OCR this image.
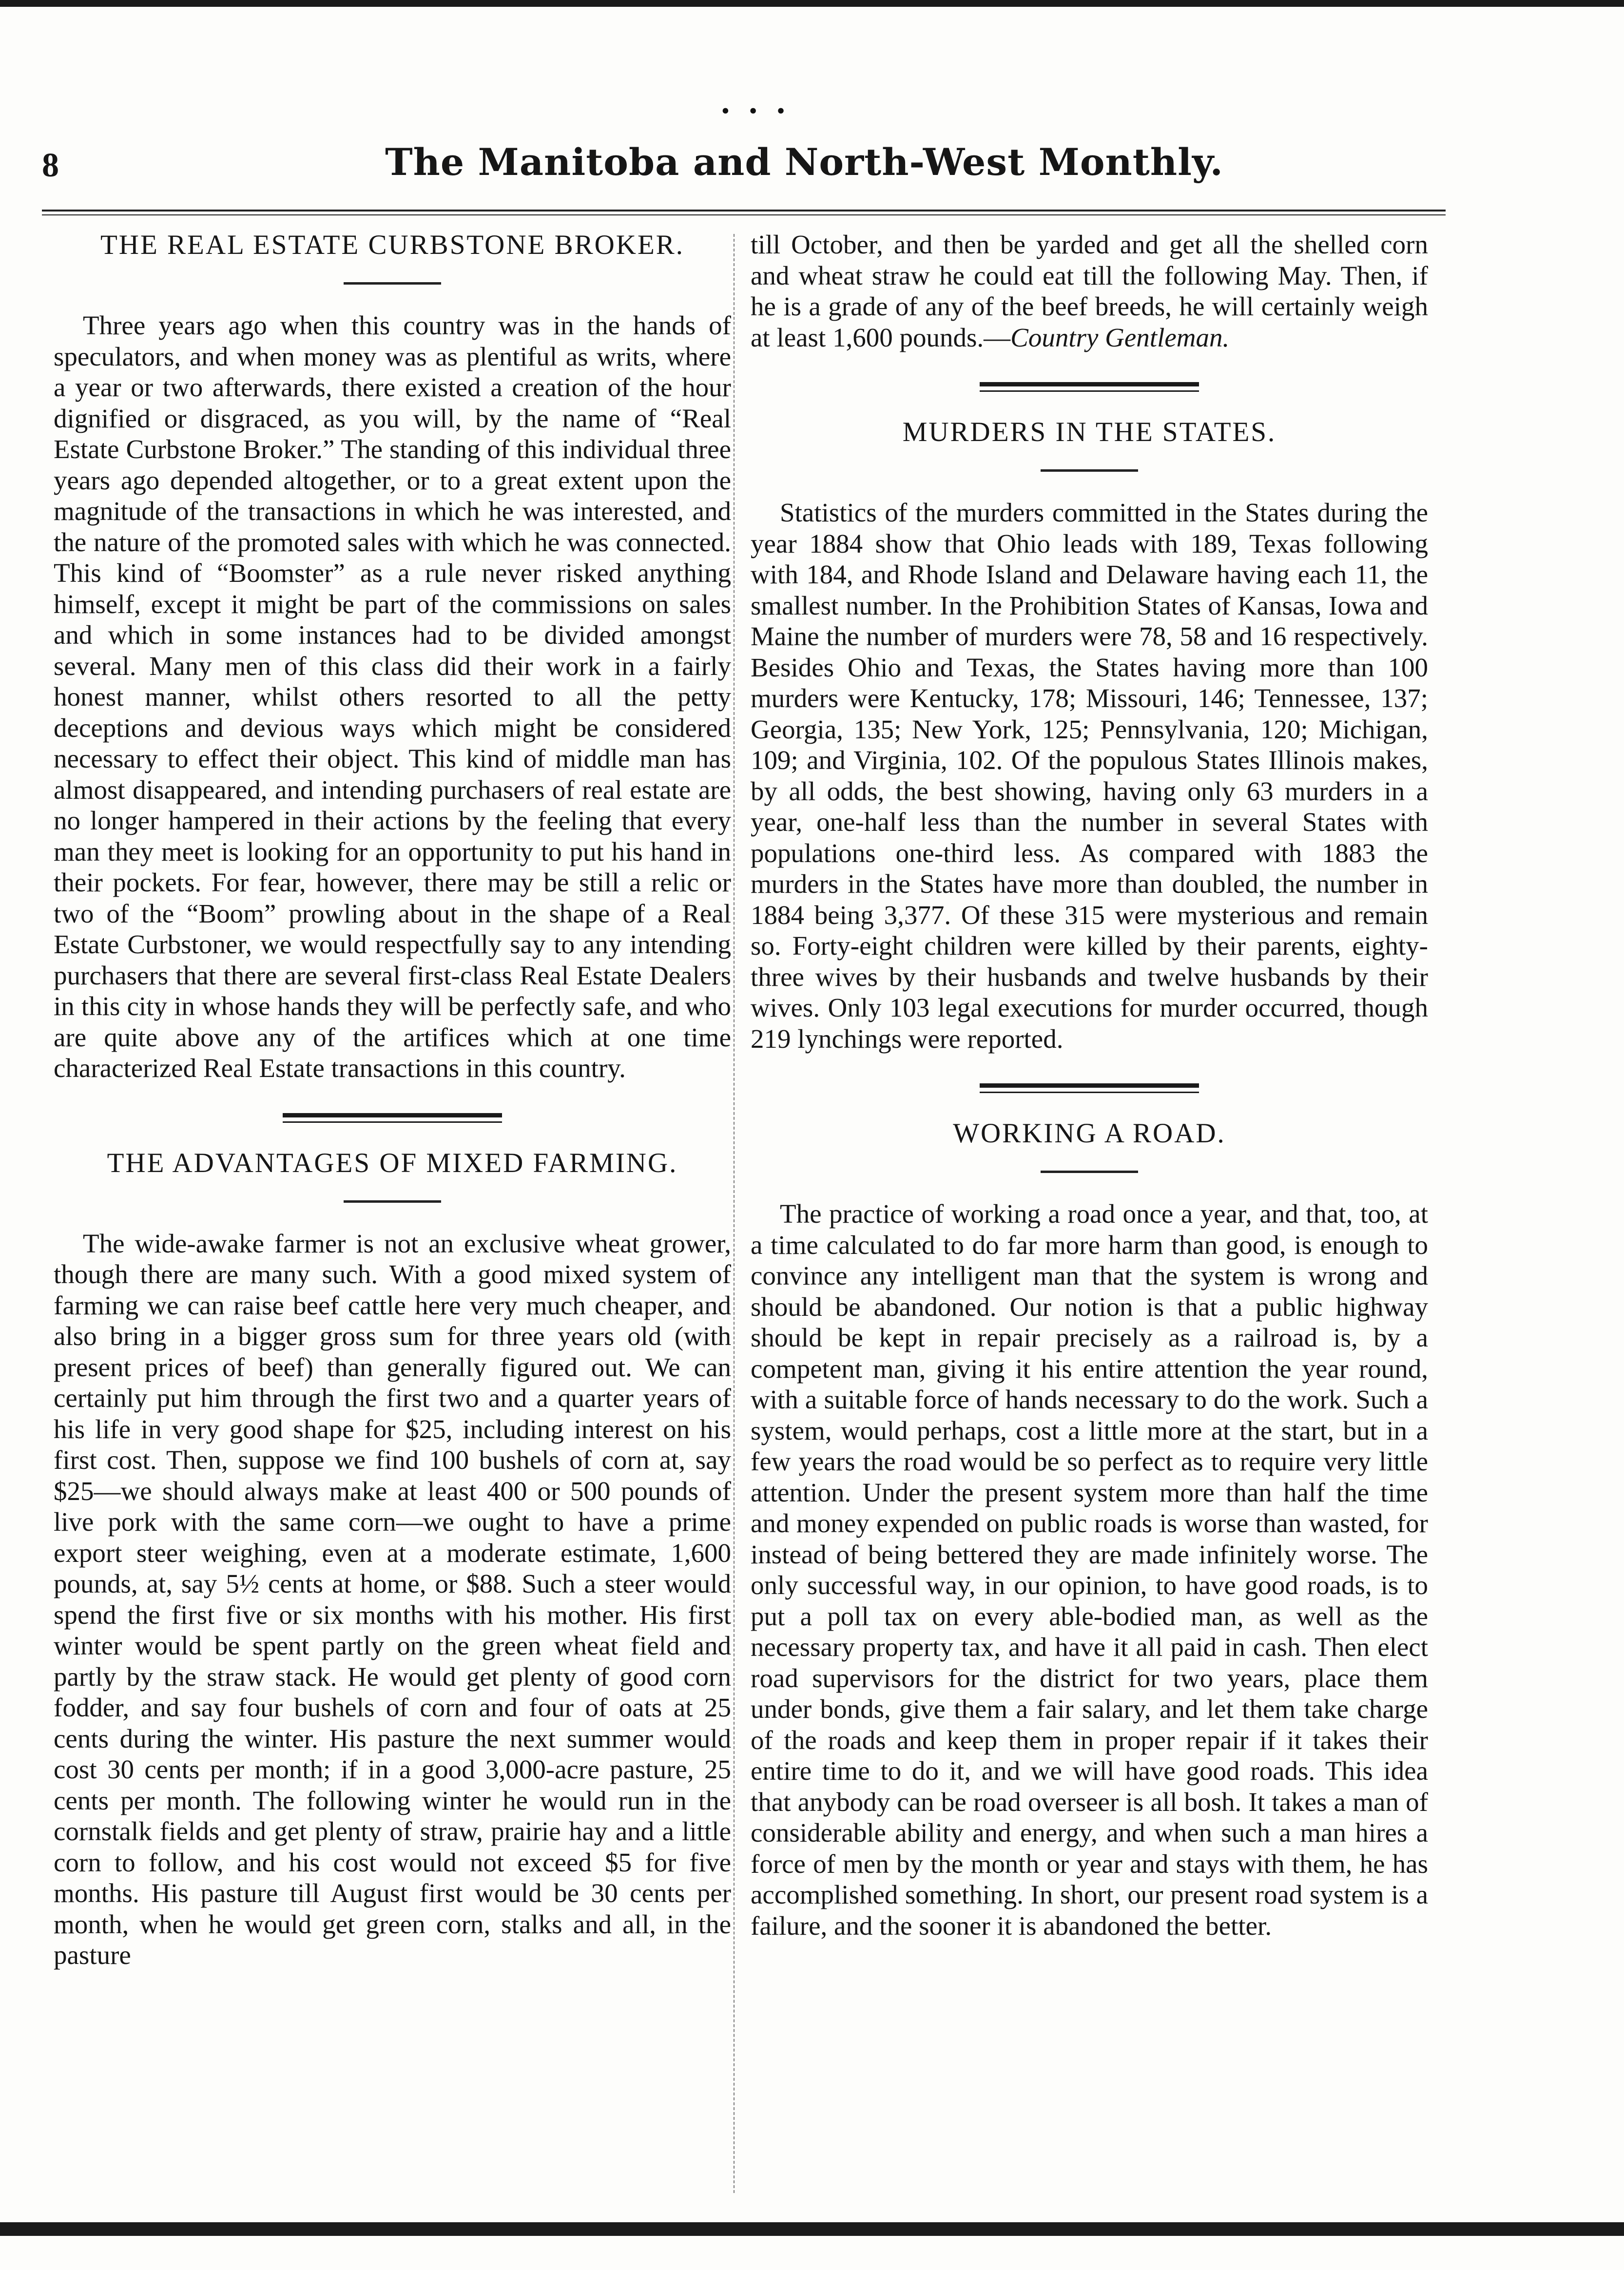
•••
8	The Manitoba and North-West Monthly.
THE REAL ESTATE CURBSTONE BROKER.

Three years ago when this country was in the hands of speculators, and when money was as plentiful as writs, where a year or two afterwards, there existed a creation of the hour dignified or disgraced, as you will, by the name of “Real Estate Curbstone Broker.” The standing of this individual three years ago depended altogether, or to a great extent upon the magnitude of the transactions in which he was interested, and the nature of the promoted sales with which he was connected. This kind of “Boomster” as a rule never risked anything himself, except it might be part of the commissions on sales and which in some instances had to be divided amongst several. Many men of this class did their work in a fairly honest manner, whilst others resorted to all the petty deceptions and devious ways which might be considered necessary to effect their object. This kind of middle man has almost disappeared, and intending purchasers of real estate are no longer hampered in their actions by the feeling that every man they meet is looking for an opportunity to put his hand in their pockets. For fear, however, there may be still a relic or two of the “Boom” prowling about in the shape of a Real Estate Curbstoner, we would respectfully say to any intending purchasers that there are several first-class Real Estate Dealers in this city in whose hands they will be perfectly safe, and who are quite above any of the artifices which at one time characterized Real Estate transactions in this country.

THE ADVANTAGES OF MIXED FARMING.

The wide-awake farmer is not an exclusive wheat grower, though there are many such. With a good mixed system of farming we can raise beef cattle here very much cheaper, and also bring in a bigger gross sum for three years old (with present prices of beef) than generally figured out. We can certainly put him through the first two and a quarter years of his life in very good shape for $25, including interest on his first cost. Then, suppose we find 100 bushels of corn at, say $25—we should always make at least 400 or 500 pounds of live pork with the same corn—we ought to have a prime export steer weighing, even at a moderate estimate, 1,600 pounds, at, say 5½ cents at home, or $88. Such a steer would spend the first five or six months with his mother. His first winter would be spent partly on the green wheat field and partly by the straw stack. He would get plenty of good corn fodder, and say four bushels of corn and four of oats at 25 cents during the winter. His pasture the next summer would cost 30 cents per month; if in a good 3,000-acre pasture, 25 cents per month. The following winter he would run in the cornstalk fields and get plenty of straw, prairie hay and a little corn to follow, and his cost would not exceed $5 for five months. His pasture till August first would be 30 cents per month, when he would get green corn, stalks and all, in the pasture

till October, and then be yarded and get all the shelled corn and wheat straw he could eat till the following May. Then, if he is a grade of any of the beef breeds, he will certainly weigh at least 1,600 pounds.—Country Gentleman.

MURDERS IN THE STATES.

Statistics of the murders committed in the States during the year 1884 show that Ohio leads with 189, Texas following with 184, and Rhode Island and Delaware having each 11, the smallest number. In the Prohibition States of Kansas, Iowa and Maine the number of murders were 78, 58 and 16 respectively. Besides Ohio and Texas, the States having more than 100 murders were Kentucky, 178; Missouri, 146; Tennessee, 137; Georgia, 135; New York, 125; Pennsylvania, 120; Michigan, 109; and Virginia, 102. Of the populous States Illinois makes, by all odds, the best showing, having only 63 murders in a year, one-half less than the number in several States with populations one-third less. As compared with 1883 the murders in the States have more than doubled, the number in 1884 being 3,377. Of these 315 were mysterious and remain so. Forty-eight children were killed by their parents, eighty-three wives by their husbands and twelve husbands by their wives. Only 103 legal executions for murder occurred, though 219 lynchings were reported.

WORKING A ROAD.

The practice of working a road once a year, and that, too, at a time calculated to do far more harm than good, is enough to convince any intelligent man that the system is wrong and should be abandoned. Our notion is that a public highway should be kept in repair precisely as a railroad is, by a competent man, giving it his entire attention the year round, with a suitable force of hands necessary to do the work. Such a system, would perhaps, cost a little more at the start, but in a few years the road would be so perfect as to require very little attention. Under the present system more than half the time and money expended on public roads is worse than wasted, for instead of being bettered they are made infinitely worse. The only successful way, in our opinion, to have good roads, is to put a poll tax on every able-bodied man, as well as the necessary property tax, and have it all paid in cash. Then elect road supervisors for the district for two years, place them under bonds, give them a fair salary, and let them take charge of the roads and keep them in proper repair if it takes their entire time to do it, and we will have good roads. This idea that anybody can be road overseer is all bosh. It takes a man of considerable ability and energy, and when such a man hires a force of men by the month or year and stays with them, he has accomplished something. In short, our present road system is a failure, and the sooner it is abandoned the better.
